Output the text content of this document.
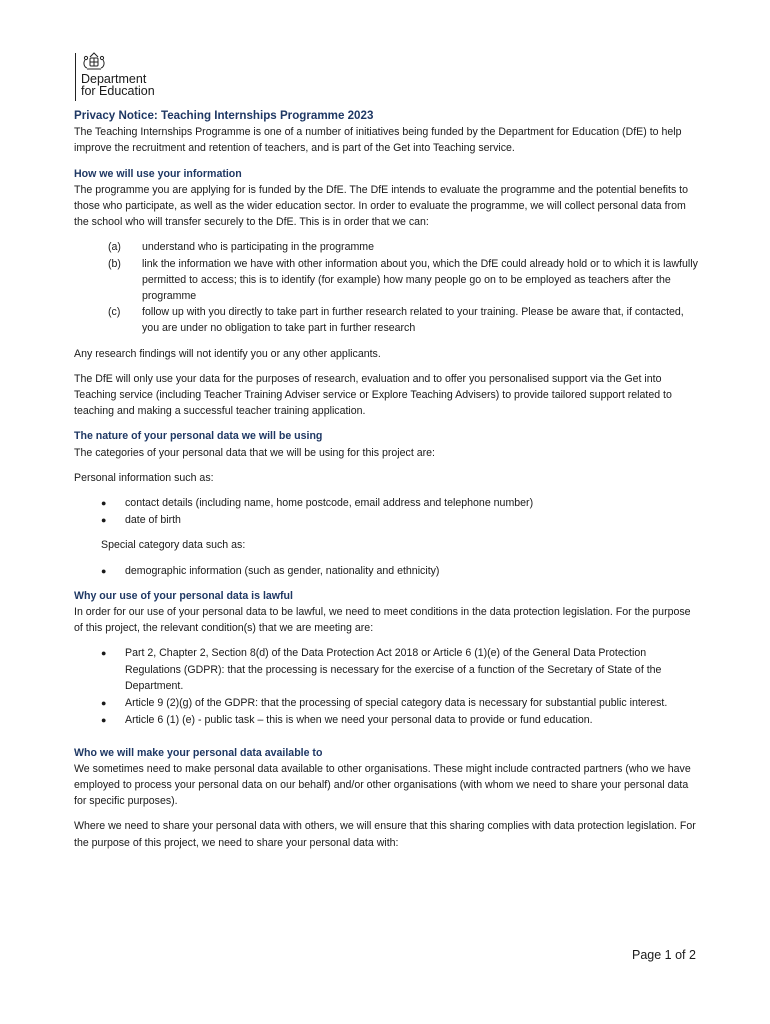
Department
for Education

Privacy Notice: Teaching Internships Programme 2023

The Teaching Internships Programme is one of a number of initiatives being funded by the Department for Education (DfE) to help improve the recruitment and retention of teachers, and is part of the Get into Teaching service.

How we will use your information

The programme you are applying for is funded by the DfE. The DfE intends to evaluate the programme and the potential benefits to those who participate, as well as the wider education sector. In order to evaluate the programme, we will collect personal data from the school who will transfer securely to the DfE. This is in order that we can:

(a)	understand who is participating in the programme
(b)	link the information we have with other information about you, which the DfE could already hold or to which it is lawfully permitted to access; this is to identify (for example) how many people go on to be employed as teachers after the programme
(c)	follow up with you directly to take part in further research related to your training. Please be aware that, if contacted, you are under no obligation to take part in further research

Any research findings will not identify you or any other applicants.

The DfE will only use your data for the purposes of research, evaluation and to offer you personalised support via the Get into Teaching service (including Teacher Training Adviser service or Explore Teaching Advisers) to provide tailored support related to teaching and making a successful teacher training application.

The nature of your personal data we will be using

The categories of your personal data that we will be using for this project are:

Personal information such as:

●	contact details (including name, home postcode, email address and telephone number)
●	date of birth

Special category data such as:

●	demographic information (such as gender, nationality and ethnicity)

Why our use of your personal data is lawful

In order for our use of your personal data to be lawful, we need to meet conditions in the data protection legislation. For the purpose of this project, the relevant condition(s) that we are meeting are:

●	Part 2, Chapter 2, Section 8(d) of the Data Protection Act 2018 or Article 6 (1)(e) of the General Data Protection Regulations (GDPR): that the processing is necessary for the exercise of a function of the Secretary of State of the Department.
●	Article 9 (2)(g) of the GDPR: that the processing of special category data is necessary for substantial public interest.
●	Article 6 (1) (e) - public task – this is when we need your personal data to provide or fund education.

Who we will make your personal data available to

We sometimes need to make personal data available to other organisations. These might include contracted partners (who we have employed to process your personal data on our behalf) and/or other organisations (with whom we need to share your personal data for specific purposes).

Where we need to share your personal data with others, we will ensure that this sharing complies with data protection legislation. For the purpose of this project, we need to share your personal data with:

Page 1 of 2
